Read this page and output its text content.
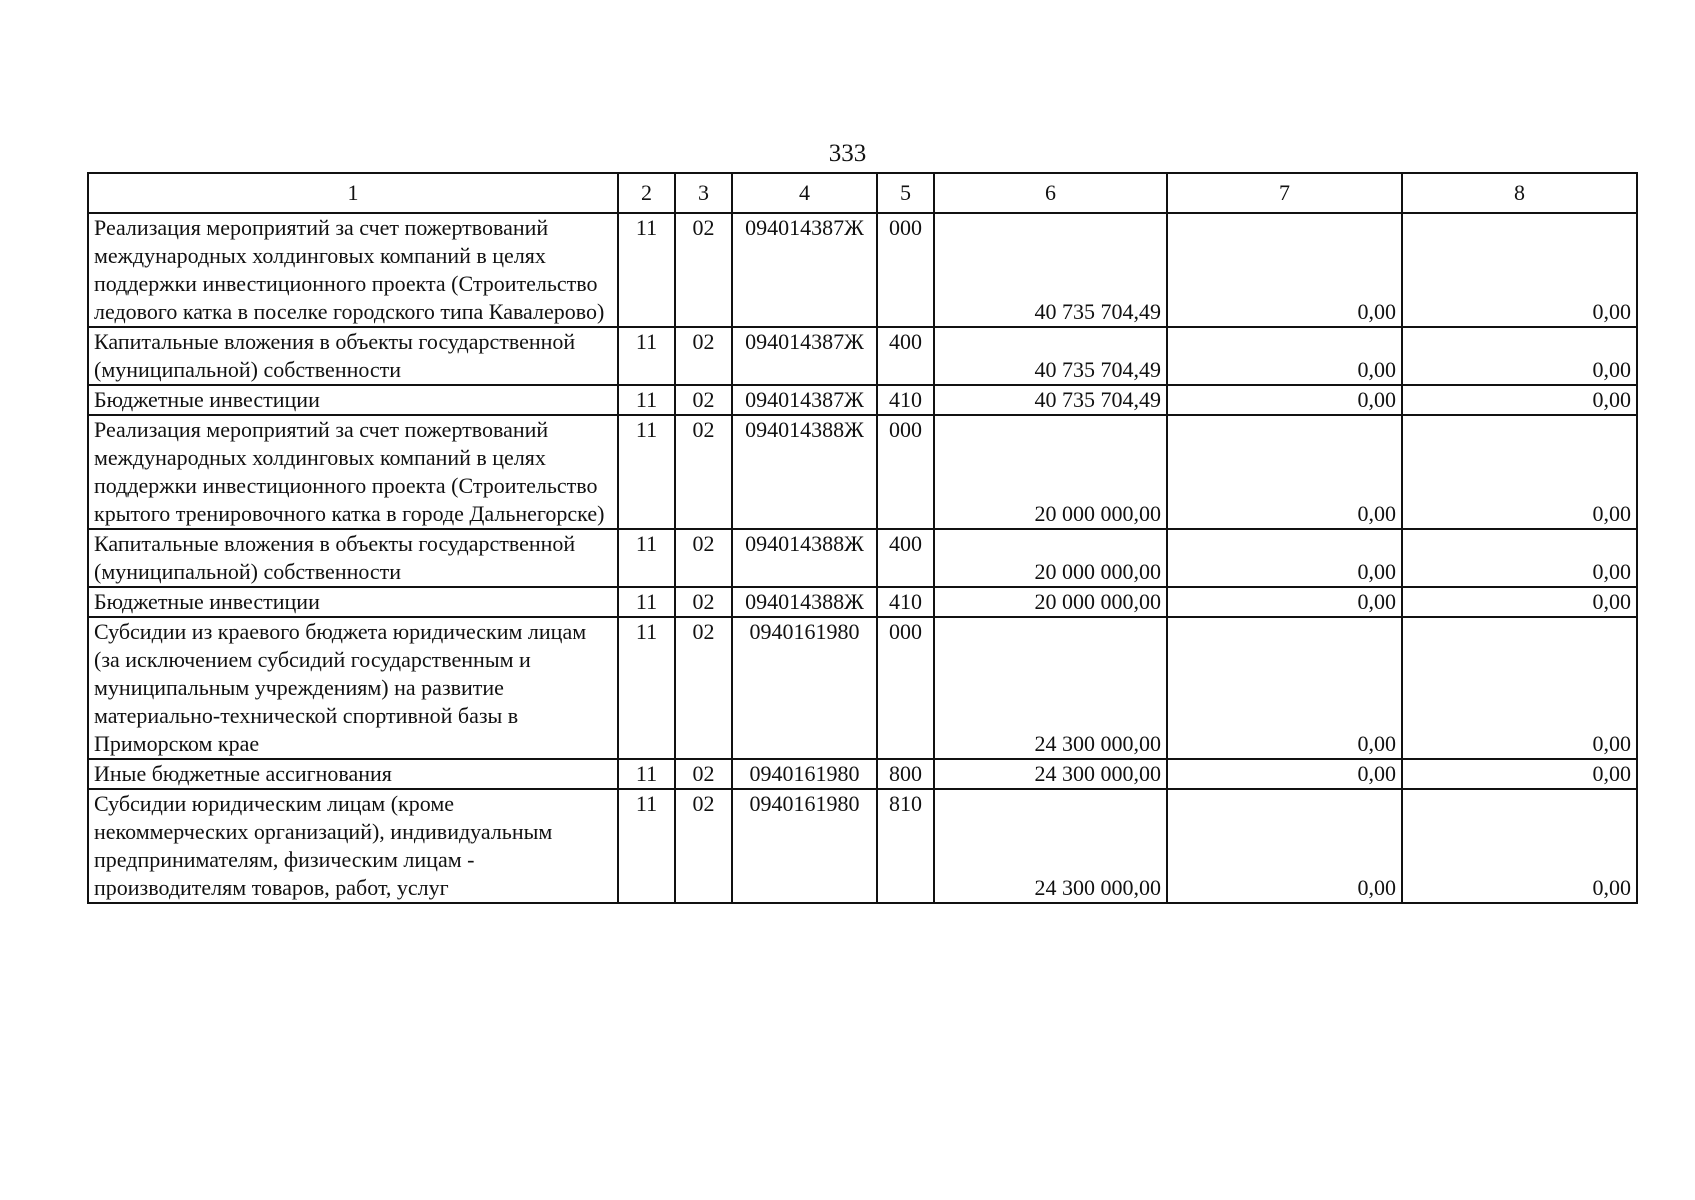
333
1	2	3	4	5	6	7	8
Реализация мероприятий за счет пожертвований международных холдинговых компаний в целях поддержки инвестиционного проекта (Строительство ледового катка в поселке городского типа Кавалерово)	11	02	094014387Ж	000	40 735 704,49	0,00	0,00
Капитальные вложения в объекты государственной (муниципальной) собственности	11	02	094014387Ж	400	40 735 704,49	0,00	0,00
Бюджетные инвестиции	11	02	094014387Ж	410	40 735 704,49	0,00	0,00
Реализация мероприятий за счет пожертвований международных холдинговых компаний в целях поддержки инвестиционного проекта (Строительство крытого тренировочного катка в городе Дальнегорске)	11	02	094014388Ж	000	20 000 000,00	0,00	0,00
Капитальные вложения в объекты государственной (муниципальной) собственности	11	02	094014388Ж	400	20 000 000,00	0,00	0,00
Бюджетные инвестиции	11	02	094014388Ж	410	20 000 000,00	0,00	0,00
Субсидии из краевого бюджета юридическим лицам (за исключением субсидий государственным и муниципальным учреждениям) на развитие материально-технической спортивной базы в Приморском крае	11	02	0940161980	000	24 300 000,00	0,00	0,00
Иные бюджетные ассигнования	11	02	0940161980	800	24 300 000,00	0,00	0,00
Субсидии юридическим лицам (кроме некоммерческих организаций), индивидуальным предпринимателям, физическим лицам - производителям товаров, работ, услуг	11	02	0940161980	810	24 300 000,00	0,00	0,00
